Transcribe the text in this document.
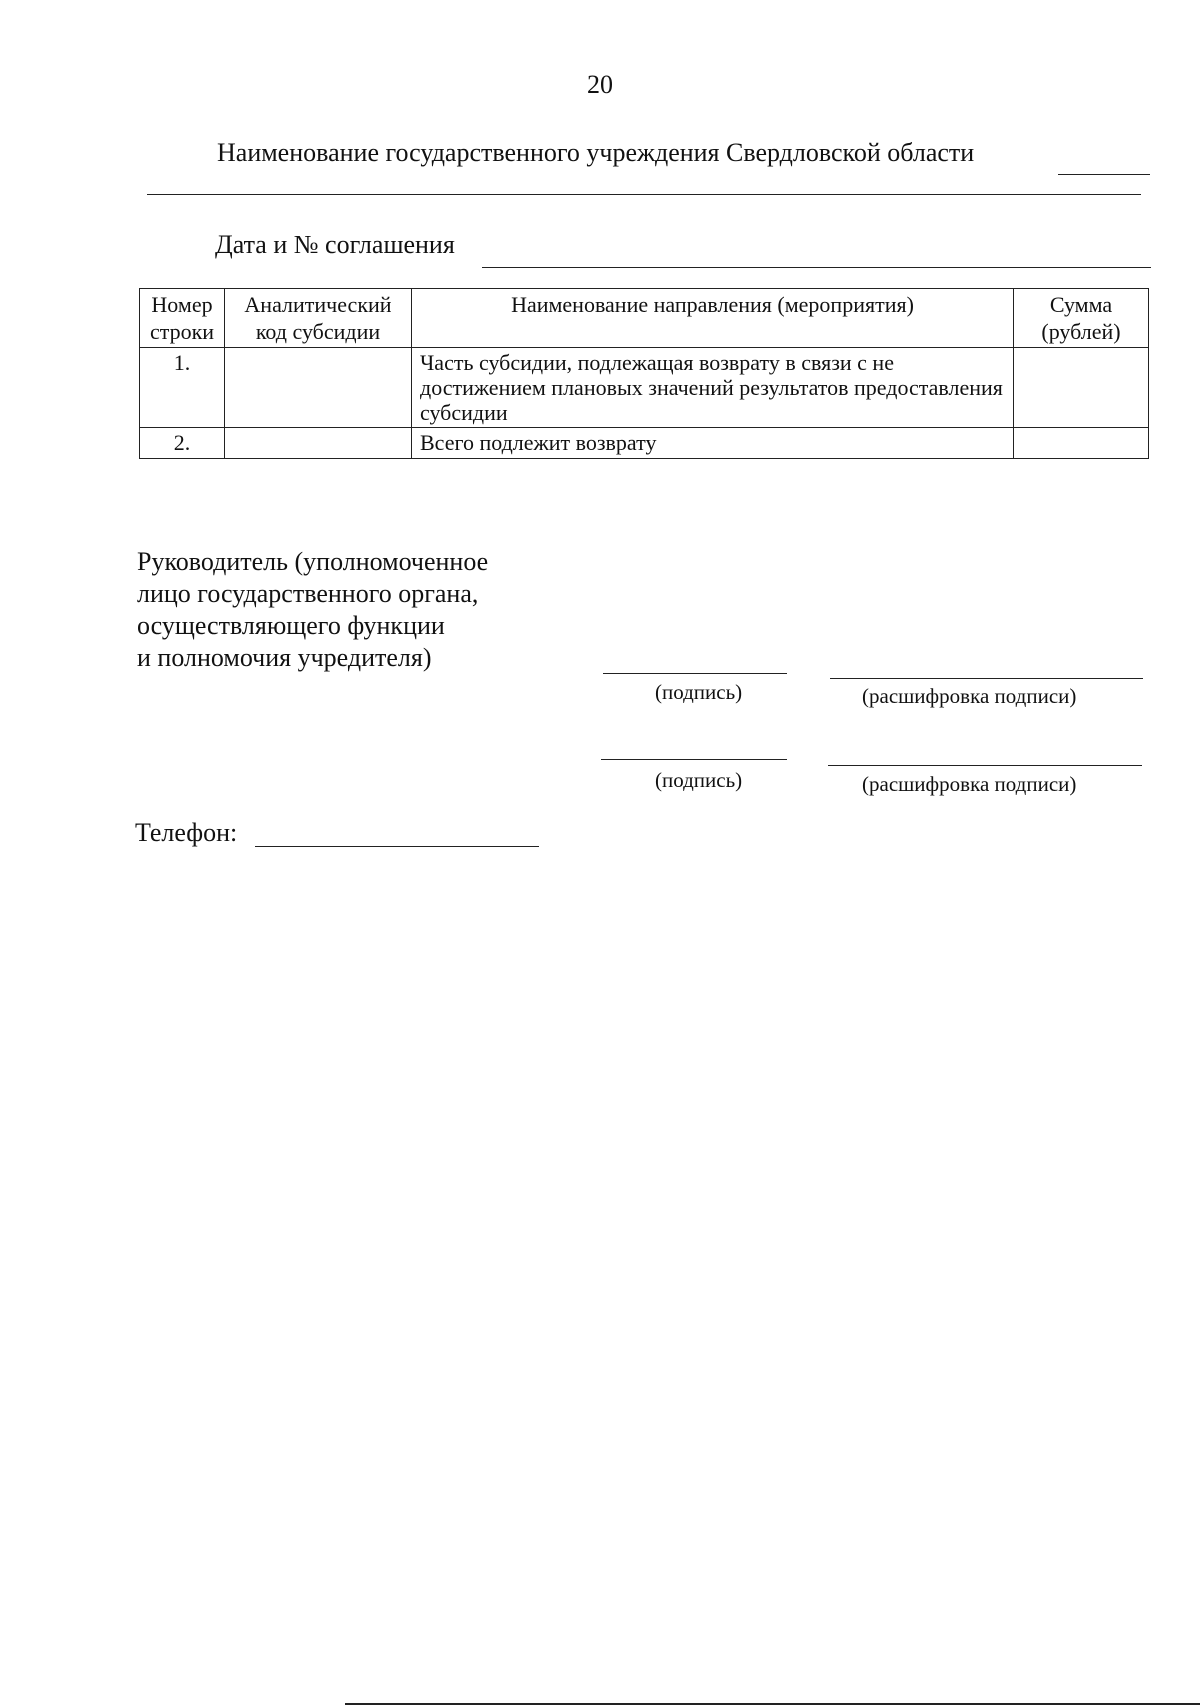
20
Наименование государственного учреждения Свердловской области
Дата и № соглашения
Номер строки	Аналитический код субсидии	Наименование направления (мероприятия)	Сумма (рублей)
1.		Часть субсидии, подлежащая возврату в связи с не достижением плановых значений результатов предоставления субсидии	
2.		Всего подлежит возврату	
Руководитель (уполномоченное
лицо государственного органа,
осуществляющего функции
и полномочия учредителя)
(подпись)	(расшифровка подписи)
(подпись)	(расшифровка подписи)
Телефон:
